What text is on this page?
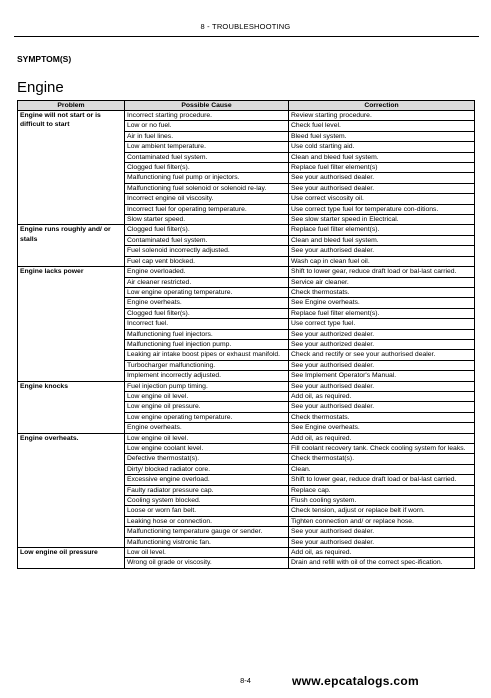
8 - TROUBLESHOOTING
SYMPTOM(S)
Engine
Problem	Possible Cause	Correction
Engine will not start or is difficult to start	Incorrect starting procedure.	Review starting procedure.
	Low or no fuel.	Check fuel level.
	Air in fuel lines.	Bleed fuel system.
	Low ambient temperature.	Use cold starting aid.
	Contaminated fuel system.	Clean and bleed fuel system.
	Clogged fuel filter(s).	Replace fuel filter element(s)
	Malfunctioning fuel pump or injectors.	See your authorised dealer.
	Malfunctioning fuel solenoid or solenoid re-lay.	See your authorised dealer.
	Incorrect engine oil viscosity.	Use correct viscosity oil.
	Incorrect fuel for operating temperature.	Use correct type fuel for temperature con-ditions.
	Slow starter speed.	See slow starter speed in Electrical.
Engine runs roughly and/ or stalls	Clogged fuel filter(s).	Replace fuel filter element(s).
	Contaminated fuel system.	Clean and bleed fuel system.
	Fuel solenoid incorrectly adjusted.	See your authorised dealer.
	Fuel cap vent blocked.	Wash cap in clean fuel oil.
Engine lacks power	Engine overloaded.	Shift to lower gear, reduce draft load or bal-last carried.
	Air cleaner restricted.	Service air cleaner.
	Low engine operating temperature.	Check thermostats.
	Engine overheats.	See Engine overheats.
	Clogged fuel filter(s).	Replace fuel filter element(s).
	Incorrect fuel.	Use correct type fuel.
	Malfunctioning fuel injectors.	See your authorized dealer.
	Malfunctioning fuel injection pump.	See your authorized dealer.
	Leaking air intake boost pipes or exhaust manifold.	Check and rectify or see your authorised dealer.
	Turbocharger malfunctioning.	See your authorised dealer.
	Implement incorrectly adjusted.	See Implement Operator's Manual.
Engine knocks	Fuel injection pump timing.	See your authorised dealer.
	Low engine oil level.	Add oil, as required.
	Low engine oil pressure.	See your authorised dealer.
	Low engine operating temperature.	Check thermostats.
	Engine overheats.	See Engine overheats.
Engine overheats.	Low engine oil level.	Add oil, as required.
	Low engine coolant level.	Fill coolant recovery tank. Check cooling system for leaks.
	Defective thermostat(s).	Check thermostat(s).
	Dirty/ blocked radiator core.	Clean.
	Excessive engine overload.	Shift to lower gear, reduce draft load or bal-last carried.
	Faulty radiator pressure cap.	Replace cap.
	Cooling system blocked.	Flush cooling system.
	Loose or worn fan belt.	Check tension, adjust or replace belt if worn.
	Leaking hose or connection.	Tighten connection and/ or replace hose.
	Malfunctioning temperature gauge or sender.	See your authorised dealer.
	Malfunctioning vistronic fan.	See your authorised dealer.
Low engine oil pressure	Low oil level.	Add oil, as required.
	Wrong oil grade or viscosity.	Drain and refill with oil of the correct spec-ification.
8-4	www.epcatalogs.com
